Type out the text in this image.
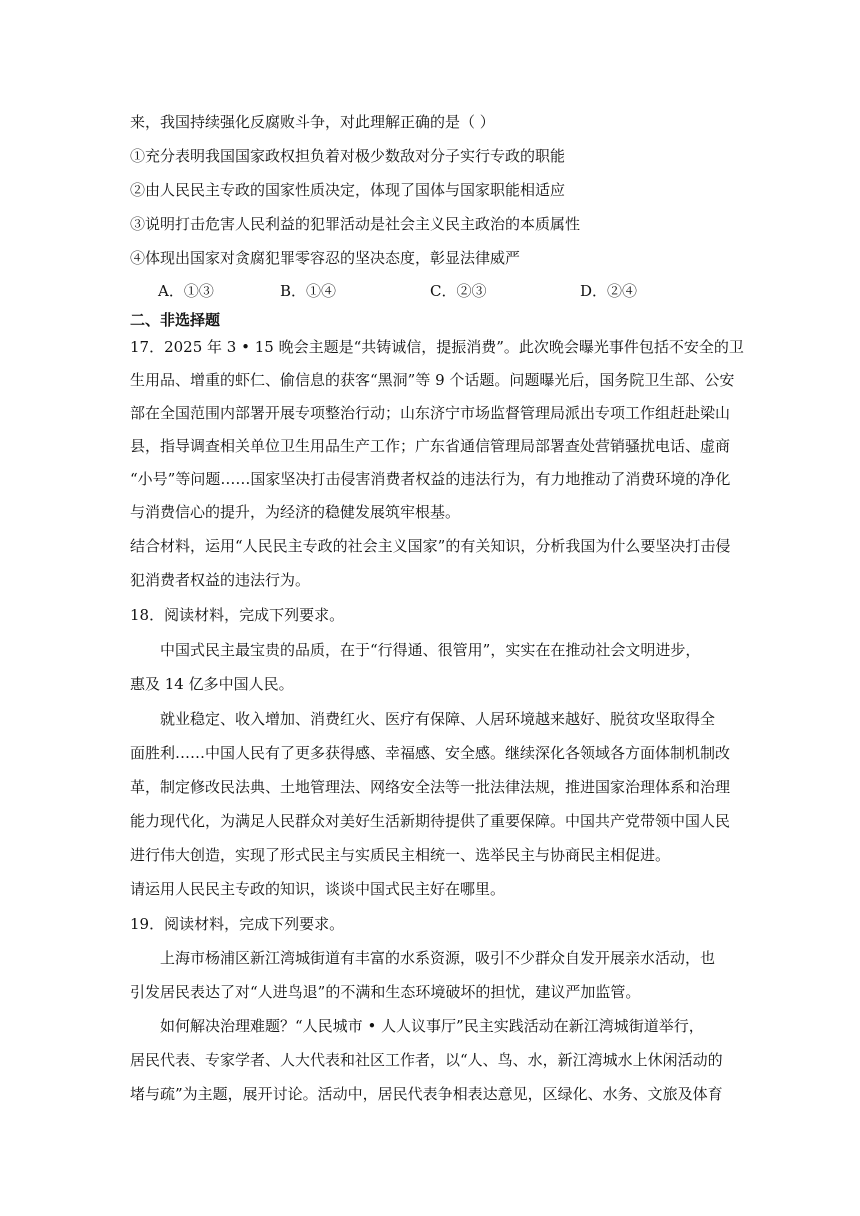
来，我国持续强化反腐败斗争，对此理解正确的是（ ）
①充分表明我国国家政权担负着对极少数敌对分子实行专政的职能
②由人民民主专政的国家性质决定，体现了国体与国家职能相适应
③说明打击危害人民利益的犯罪活动是社会主义民主政治的本质属性
④体现出国家对贪腐犯罪零容忍的坚决态度，彰显法律威严
A．①③	B．①④	C．②③	D．②④
二、非选择题
17．2025 年 3 • 15 晚会主题是“共铸诚信，提振消费”。此次晚会曝光事件包括不安全的卫
生用品、增重的虾仁、偷信息的获客“黑洞”等 9 个话题。问题曝光后，国务院卫生部、公安
部在全国范围内部署开展专项整治行动；山东济宁市场监督管理局派出专项工作组赶赴梁山
县，指导调查相关单位卫生用品生产工作；广东省通信管理局部署查处营销骚扰电话、虚商
“小号”等问题……国家坚决打击侵害消费者权益的违法行为，有力地推动了消费环境的净化
与消费信心的提升，为经济的稳健发展筑牢根基。
结合材料，运用“人民民主专政的社会主义国家”的有关知识，分析我国为什么要坚决打击侵
犯消费者权益的违法行为。
18．阅读材料，完成下列要求。
中国式民主最宝贵的品质，在于“行得通、很管用”，实实在在推动社会文明进步，
惠及 14 亿多中国人民。
就业稳定、收入增加、消费红火、医疗有保障、人居环境越来越好、脱贫攻坚取得全
面胜利……中国人民有了更多获得感、幸福感、安全感。继续深化各领域各方面体制机制改
革，制定修改民法典、土地管理法、网络安全法等一批法律法规，推进国家治理体系和治理
能力现代化，为满足人民群众对美好生活新期待提供了重要保障。中国共产党带领中国人民
进行伟大创造，实现了形式民主与实质民主相统一、选举民主与协商民主相促进。
请运用人民民主专政的知识，谈谈中国式民主好在哪里。
19．阅读材料，完成下列要求。
上海市杨浦区新江湾城街道有丰富的水系资源，吸引不少群众自发开展亲水活动，也
引发居民表达了对“人进鸟退”的不满和生态环境破坏的担忧，建议严加监管。
如何解决治理难题？“人民城市 • 人人议事厅”民主实践活动在新江湾城街道举行，
居民代表、专家学者、人大代表和社区工作者，以“人、鸟、水，新江湾城水上休闲活动的
堵与疏”为主题，展开讨论。活动中，居民代表争相表达意见，区绿化、水务、文旅及体育
